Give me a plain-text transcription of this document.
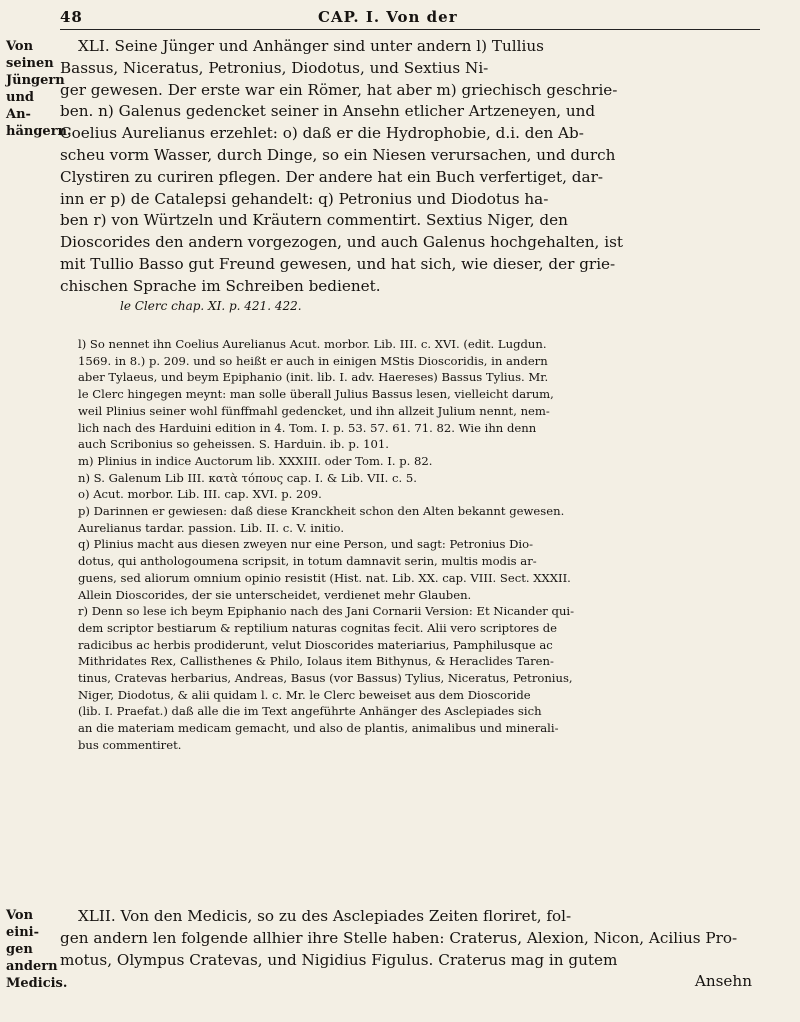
48	CAP. I. Von der
Von seinen
Jüngern
und An-
hängern.
XLI. Seine Jünger und Anhänger sind unter andern l) Tullius
Bassus, Niceratus, Petronius, Diodotus, und Sextius Ni-
ger gewesen. Der erste war ein Römer, hat aber m) griechisch geschrie-
ben. n) Galenus gedencket seiner in Ansehn etlicher Artzeneyen, und
Coelius Aurelianus erzehlet: o) daß er die Hydrophobie, d.i. den Ab-
scheu vorm Wasser, durch Dinge, so ein Niesen verursachen, und durch
Clystiren zu curiren pflegen. Der andere hat ein Buch verfertiget, dar-
inn er p) de Catalepsi gehandelt: q) Petronius und Diodotus ha-
ben r) von Würtzeln und Kräutern commentirt. Sextius Niger, den
Dioscorides den andern vorgezogen, und auch Galenus hochgehalten, ist
mit Tullio Basso gut Freund gewesen, und hat sich, wie dieser, der grie-
chischen Sprache im Schreiben bedienet.
le Clerc chap. XI. p. 421. 422.
l) So nennet ihn Coelius Aurelianus Acut. morbor. Lib. III. c. XVI. (edit. Lugdun.
1569. in 8.) p. 209. und so heißt er auch in einigen MStis Dioscoridis, in andern
aber Tylaeus, und beym Epiphanio (init. lib. I. adv. Haereses) Bassus Tylius. Mr.
le Clerc hingegen meynt: man solle überall Julius Bassus lesen, vielleicht darum,
weil Plinius seiner wohl fünffmahl gedencket, und ihn allzeit Julium nennt, nem-
lich nach des Harduini edition in 4. Tom. I. p. 53. 57. 61. 71. 82. Wie ihn denn
auch Scribonius so geheissen. S. Harduin. ib. p. 101.
m) Plinius in indice Auctorum lib. XXXIII. oder Tom. I. p. 82.
n) S. Galenum Lib III. κατὰ τόπους cap. I. & Lib. VII. c. 5.
o) Acut. morbor. Lib. III. cap. XVI. p. 209.
p) Darinnen er gewiesen: daß diese Kranckheit schon den Alten bekannt gewesen.
Aurelianus tardar. passion. Lib. II. c. V. initio.
q) Plinius macht aus diesen zweyen nur eine Person, und sagt: Petronius Dio-
dotus, qui anthologoumena scripsit, in totum damnavit serin, multis modis ar-
guens, sed aliorum omnium opinio resistit (Hist. nat. Lib. XX. cap. VIII. Sect. XXXII.
Allein Dioscorides, der sie unterscheidet, verdienet mehr Glauben.
r) Denn so lese ich beym Epiphanio nach des Jani Cornarii Version: Et Nicander qui-
dem scriptor bestiarum & reptilium naturas cognitas fecit. Alii vero scriptores de
radicibus ac herbis prodiderunt, velut Dioscorides materiarius, Pamphilusque ac
Mithridates Rex, Callisthenes & Philo, Iolaus item Bithynus, & Heraclides Taren-
tinus, Cratevas herbarius, Andreas, Basus (vor Bassus) Tylius, Niceratus, Petronius,
Niger, Diodotus, & alii quidam l. c. Mr. le Clerc beweiset aus dem Dioscoride
(lib. I. Praefat.) daß alle die im Text angeführte Anhänger des Asclepiades sich
an die materiam medicam gemacht, und also de plantis, animalibus und minerali-
bus commentiret.
Von eini-
gen andern
Medicis.
XLII. Von den Medicis, so zu des Asclepiades Zeiten floriret, fol-
gen andern len folgende allhier ihre Stelle haben: Craterus, Alexion, Nicon, Acilius Pro-
motus, Olympus Cratevas, und Nigidius Figulus. Craterus mag in gutem
Ansehn
